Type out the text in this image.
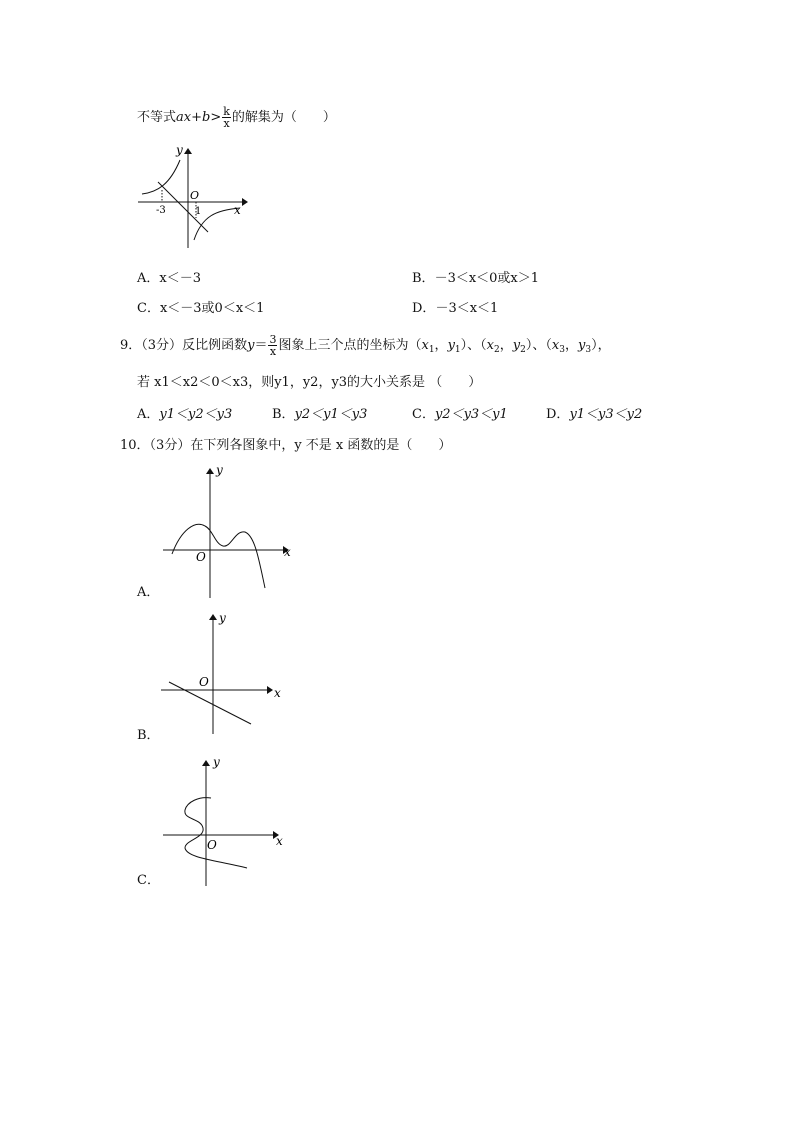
不等式$ax+b> \frac{k}{x}$ 的解集为（　　）
y
x
O
-3	1
A．x＜－3	B．－3＜x＜0或x＞1
C．x＜－3或0＜x＜1	D．－3＜x＜1
9．（3分）反比例函数$y= \frac{3}{x}$ 图象上三个点的坐标为（$x_1$，$y_1$）、（$x_2$，$y_2$）、（$x_3$，$y_3$），
若 x1＜x2＜0＜x3，则y1，y2，y3的大小关系是 （　　）
A．y1＜y2＜y3	B．y2＜y1＜y3	C．y2＜y3＜y1	D．y1＜y3＜y2
10．（3分）在下列各图象中，y 不是 x 函数的是（　　）
y
x
O
A．
y
x
O
B．
y
x
O
C．
